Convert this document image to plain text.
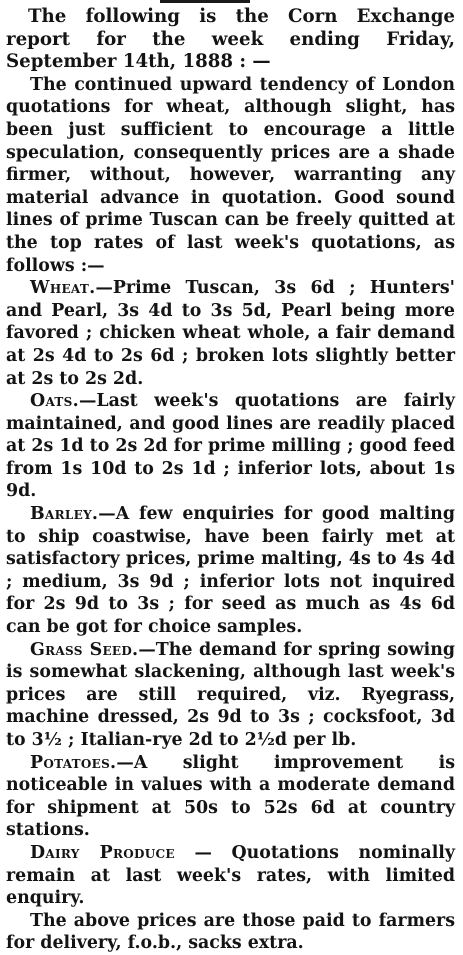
The following is the Corn Exchange report for the week ending Friday, September 14th, 1888 : —

The continued upward tendency of London quotations for wheat, although slight, has been just sufficient to encourage a little speculation, consequently prices are a shade firmer, without, however, warranting any material advance in quotation. Good sound lines of prime Tuscan can be freely quitted at the top rates of last week's quotations, as follows :—

Wheat.—Prime Tuscan, 3s 6d ; Hunters' and Pearl, 3s 4d to 3s 5d, Pearl being more favored ; chicken wheat whole, a fair demand at 2s 4d to 2s 6d ; broken lots slightly better at 2s to 2s 2d.

Oats.—Last week's quotations are fairly maintained, and good lines are readily placed at 2s 1d to 2s 2d for prime milling ; good feed from 1s 10d to 2s 1d ; inferior lots, about 1s 9d.

Barley.—A few enquiries for good malting to ship coastwise, have been fairly met at satisfactory prices, prime malting, 4s to 4s 4d ; medium, 3s 9d ; inferior lots not inquired for 2s 9d to 3s ; for seed as much as 4s 6d can be got for choice samples.

Grass Seed.—The demand for spring sowing is somewhat slackening, although last week's prices are still required, viz. Ryegrass, machine dressed, 2s 9d to 3s ; cocksfoot, 3d to 3½ ; Italian-rye 2d to 2½d per lb.

Potatoes.—A slight improvement is noticeable in values with a moderate demand for shipment at 50s to 52s 6d at country stations.

Dairy Produce — Quotations nominally remain at last week's rates, with limited enquiry.

The above prices are those paid to farmers for delivery, f.o.b., sacks extra.
